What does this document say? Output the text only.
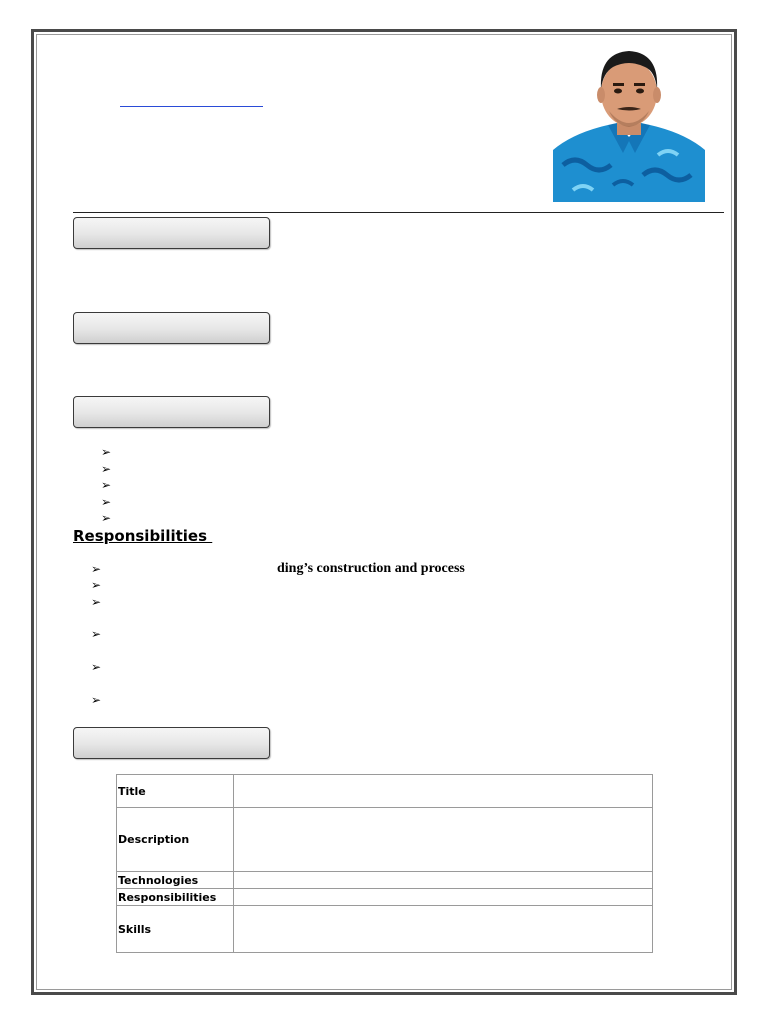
➢
➢
➢
➢
➢
Responsibilities
➢	ding’s construction and process
➢
➢
➢
➢
➢
Title	
Description	
Technologies	
Responsibilities	
Skills	
